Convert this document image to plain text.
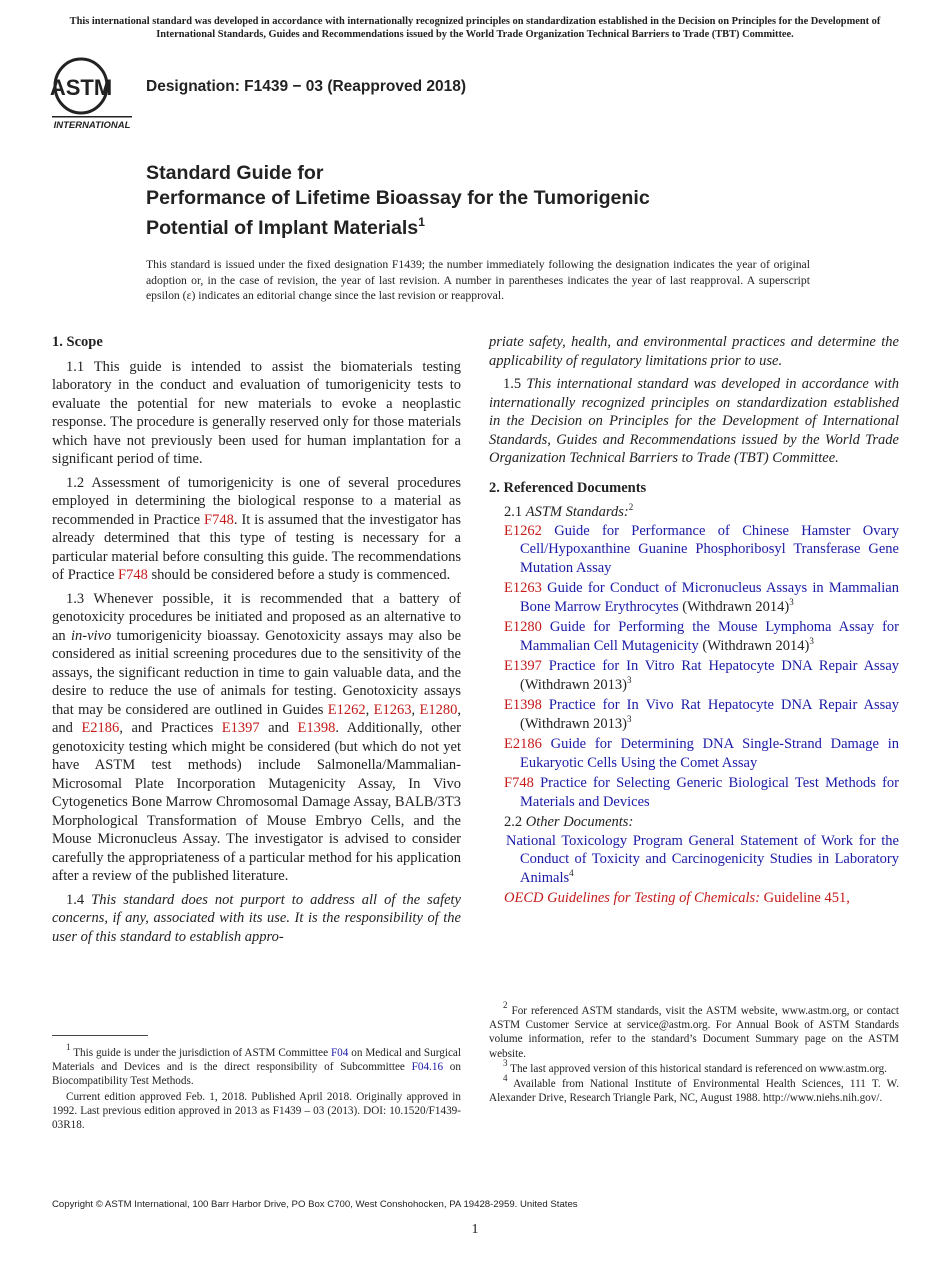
This international standard was developed in accordance with internationally recognized principles on standardization established in the Decision on Principles for the Development of International Standards, Guides and Recommendations issued by the World Trade Organization Technical Barriers to Trade (TBT) Committee.
ASTM
INTERNATIONAL
Designation: F1439 − 03 (Reapproved 2018)
Standard Guide for
Performance of Lifetime Bioassay for the Tumorigenic
Potential of Implant Materials$^1$
This standard is issued under the fixed designation F1439; the number immediately following the designation indicates the year of original adoption or, in the case of revision, the year of last revision. A number in parentheses indicates the year of last reapproval. A superscript epsilon (ε) indicates an editorial change since the last revision or reapproval.
1. Scope

1.1 This guide is intended to assist the biomaterials testing laboratory in the conduct and evaluation of tumorigenicity tests to evaluate the potential for new materials to evoke a neoplastic response. The procedure is generally reserved only for those materials which have not previously been used for human implantation for a significant period of time.

1.2 Assessment of tumorigenicity is one of several procedures employed in determining the biological response to a material as recommended in Practice F748. It is assumed that the investigator has already determined that this type of testing is necessary for a particular material before consulting this guide. The recommendations of Practice F748 should be considered before a study is commenced.

1.3 Whenever possible, it is recommended that a battery of genotoxicity procedures be initiated and proposed as an alternative to an in-vivo tumorigenicity bioassay. Genotoxicity assays may also be considered as initial screening procedures due to the sensitivity of the assays, the significant reduction in time to gain valuable data, and the desire to reduce the use of animals for testing. Genotoxicity assays that may be considered are outlined in Guides E1262, E1263, E1280, and E2186, and Practices E1397 and E1398. Additionally, other genotoxicity testing which might be considered (but which do not yet have ASTM test methods) include Salmonella/Mammalian-Microsomal Plate Incorporation Mutagenicity Assay, In Vivo Cytogenetics Bone Marrow Chromosomal Damage Assay, BALB/3T3 Morphological Transformation of Mouse Embryo Cells, and the Mouse Micronucleus Assay. The investigator is advised to consider carefully the appropriateness of a particular method for his application after a review of the published literature.

1.4 This standard does not purport to address all of the safety concerns, if any, associated with its use. It is the responsibility of the user of this standard to establish appro-

priate safety, health, and environmental practices and determine the applicability of regulatory limitations prior to use.

1.5 This international standard was developed in accordance with internationally recognized principles on standardization established in the Decision on Principles for the Development of International Standards, Guides and Recommendations issued by the World Trade Organization Technical Barriers to Trade (TBT) Committee.

2. Referenced Documents
2.1 ASTM Standards:$^2$
E1262 Guide for Performance of Chinese Hamster Ovary Cell/Hypoxanthine Guanine Phosphoribosyl Transferase Gene Mutation Assay
E1263 Guide for Conduct of Micronucleus Assays in Mammalian Bone Marrow Erythrocytes (Withdrawn 2014)$^3$
E1280 Guide for Performing the Mouse Lymphoma Assay for Mammalian Cell Mutagenicity (Withdrawn 2014)$^3$
E1397 Practice for In Vitro Rat Hepatocyte DNA Repair Assay (Withdrawn 2013)$^3$
E1398 Practice for In Vivo Rat Hepatocyte DNA Repair Assay (Withdrawn 2013)$^3$
E2186 Guide for Determining DNA Single-Strand Damage in Eukaryotic Cells Using the Comet Assay
F748 Practice for Selecting Generic Biological Test Methods for Materials and Devices
2.2 Other Documents:
National Toxicology Program General Statement of Work for the Conduct of Toxicity and Carcinogenicity Studies in Laboratory Animals$^4$
OECD Guidelines for Testing of Chemicals: Guideline 451,

$^1$ This guide is under the jurisdiction of ASTM Committee F04 on Medical and Surgical Materials and Devices and is the direct responsibility of Subcommittee F04.16 on Biocompatibility Test Methods.

Current edition approved Feb. 1, 2018. Published April 2018. Originally approved in 1992. Last previous edition approved in 2013 as F1439 – 03 (2013). DOI: 10.1520/F1439-03R18.

$^2$ For referenced ASTM standards, visit the ASTM website, www.astm.org, or contact ASTM Customer Service at service@astm.org. For Annual Book of ASTM Standards volume information, refer to the standard’s Document Summary page on the ASTM website.

$^3$ The last approved version of this historical standard is referenced on www.astm.org.

$^4$ Available from National Institute of Environmental Health Sciences, 111 T. W. Alexander Drive, Research Triangle Park, NC, August 1988. http://www.niehs.nih.gov/.

Copyright © ASTM International, 100 Barr Harbor Drive, PO Box C700, West Conshohocken, PA 19428-2959. United States
1
